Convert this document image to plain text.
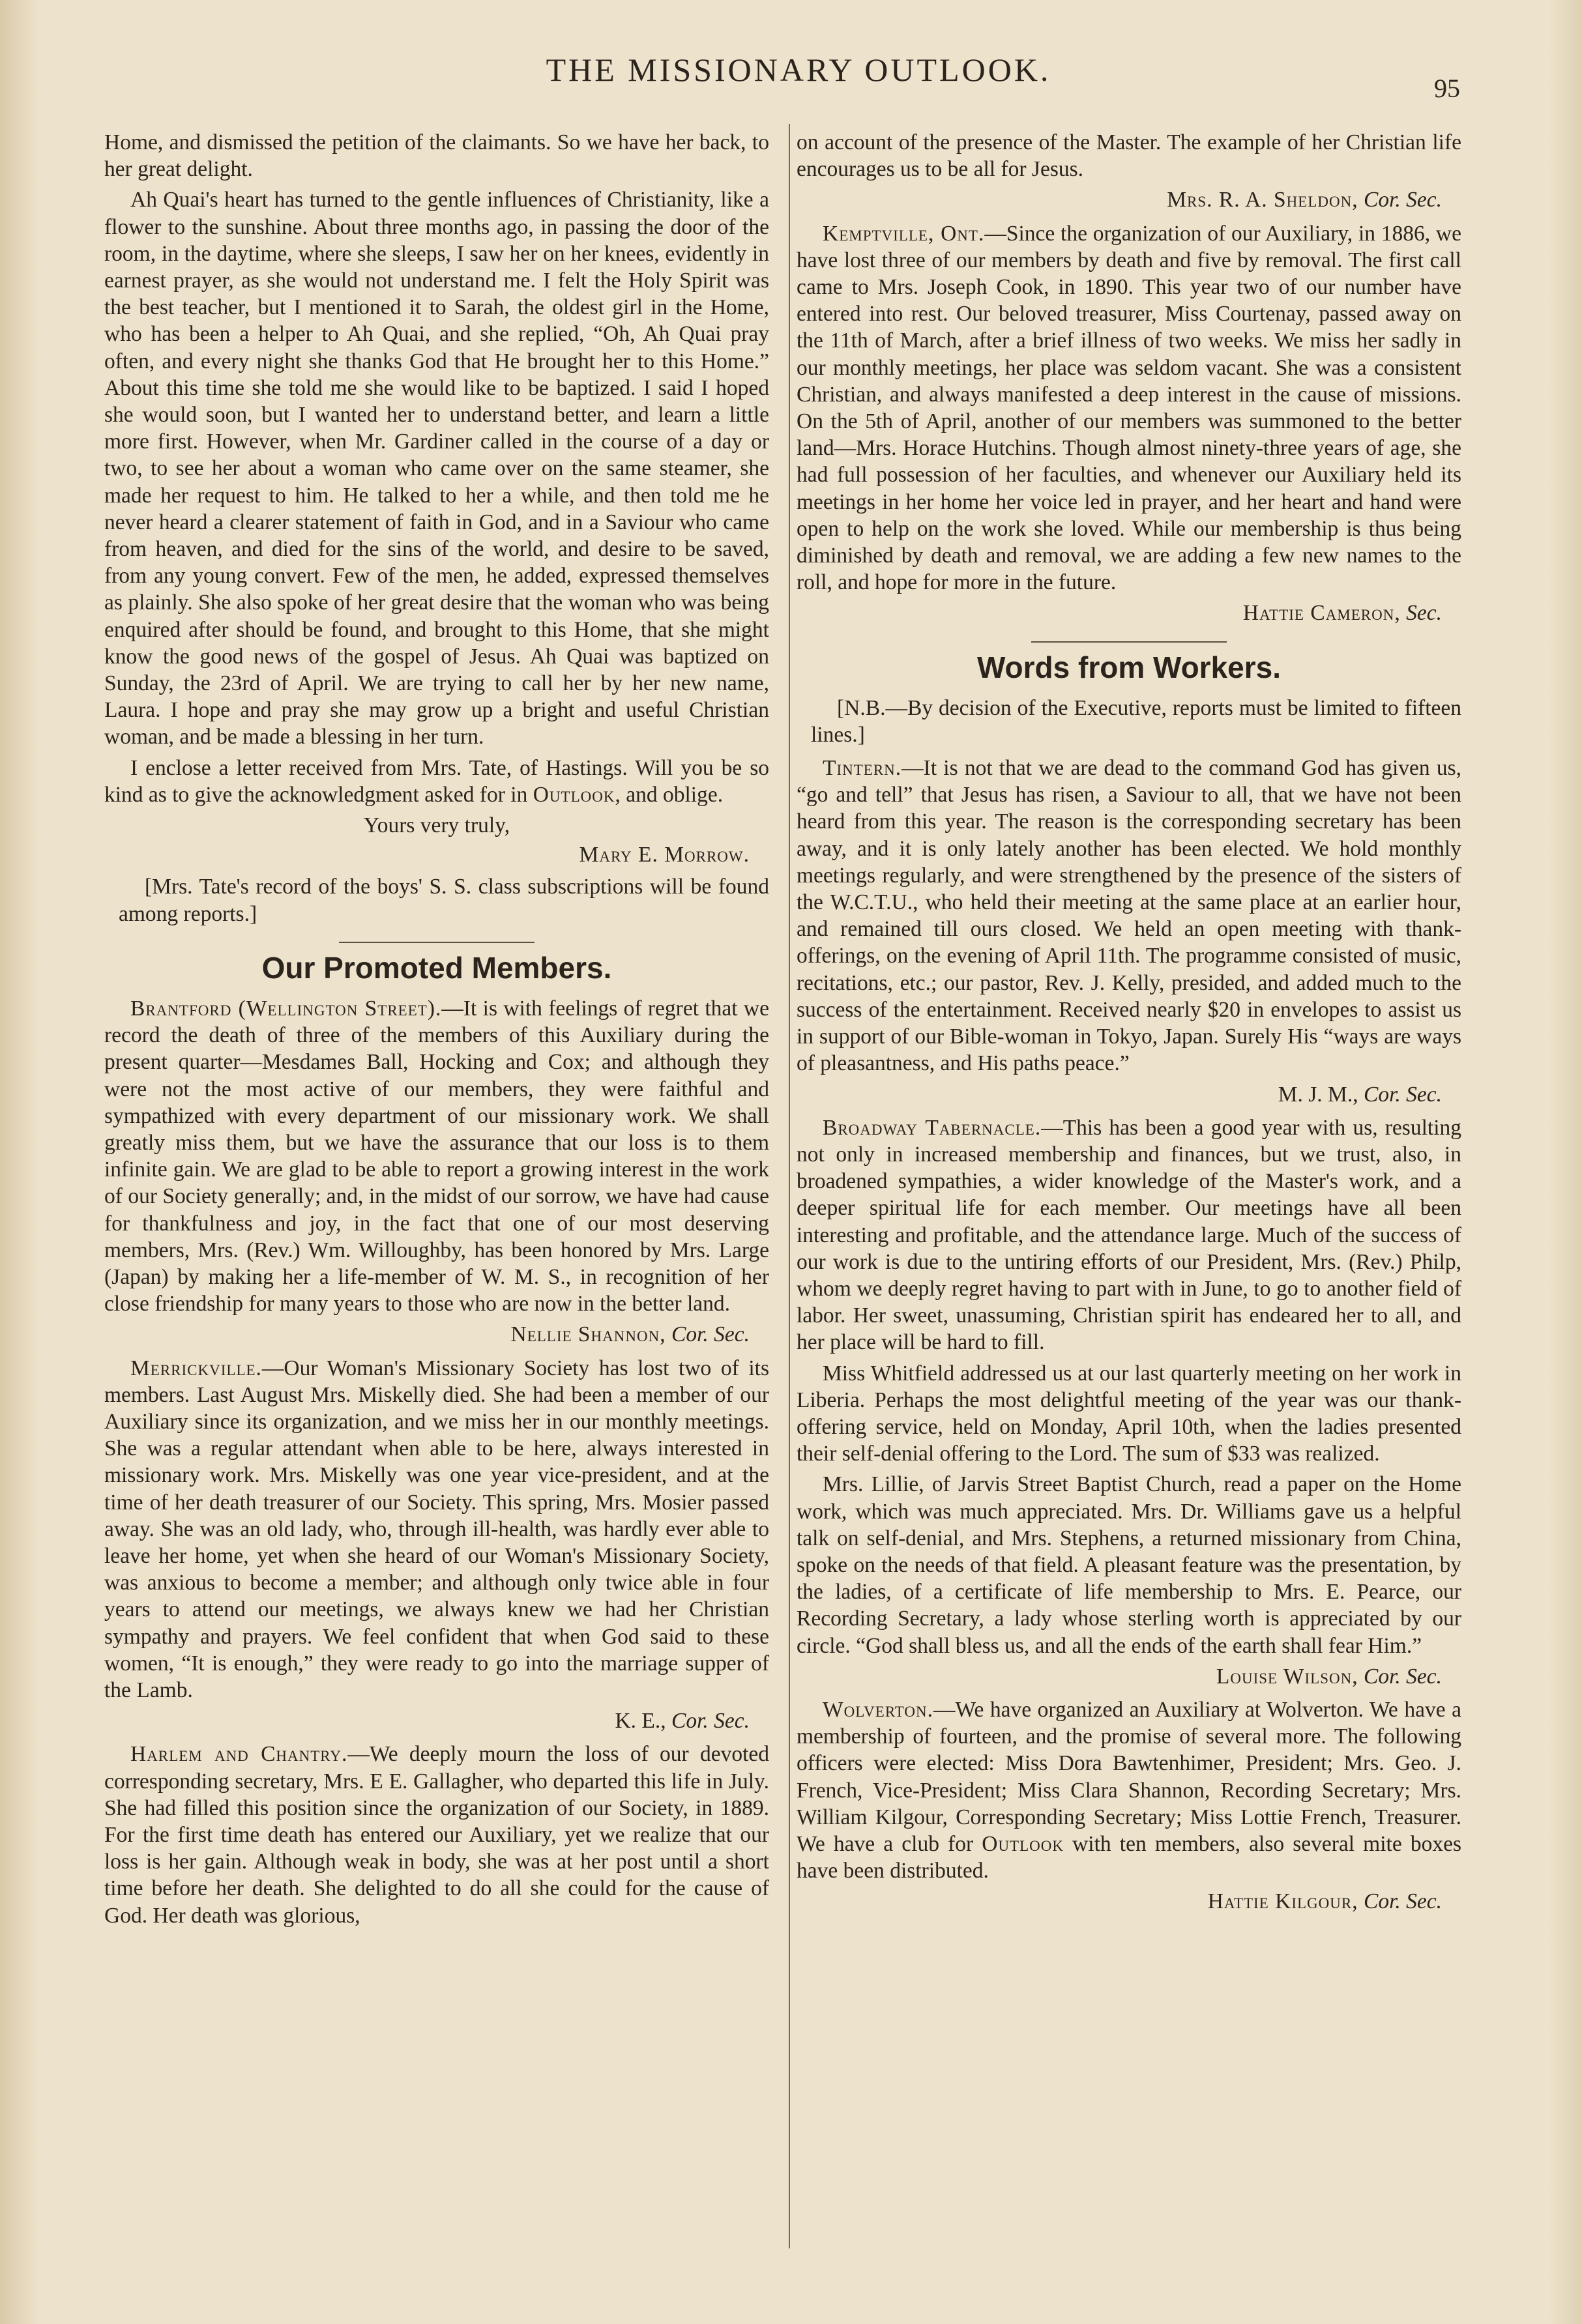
THE MISSIONARY OUTLOOK.
95

Home, and dismissed the petition of the claimants. So we have her back, to her great delight.

Ah Quai's heart has turned to the gentle influences of Christianity, like a flower to the sunshine. About three months ago, in passing the door of the room, in the daytime, where she sleeps, I saw her on her knees, evidently in earnest prayer, as she would not understand me. I felt the Holy Spirit was the best teacher, but I mentioned it to Sarah, the oldest girl in the Home, who has been a helper to Ah Quai, and she replied, “Oh, Ah Quai pray often, and every night she thanks God that He brought her to this Home.” About this time she told me she would like to be baptized. I said I hoped she would soon, but I wanted her to understand better, and learn a little more first. However, when Mr. Gardiner called in the course of a day or two, to see her about a woman who came over on the same steamer, she made her request to him. He talked to her a while, and then told me he never heard a clearer statement of faith in God, and in a Saviour who came from heaven, and died for the sins of the world, and desire to be saved, from any young convert. Few of the men, he added, expressed themselves as plainly. She also spoke of her great desire that the woman who was being enquired after should be found, and brought to this Home, that she might know the good news of the gospel of Jesus. Ah Quai was baptized on Sunday, the 23rd of April. We are trying to call her by her new name, Laura. I hope and pray she may grow up a bright and useful Christian woman, and be made a blessing in her turn.

I enclose a letter received from Mrs. Tate, of Hastings. Will you be so kind as to give the acknowledgment asked for in Outlook, and oblige.

Yours very truly,
Mary E. Morrow.

[Mrs. Tate's record of the boys' S. S. class subscriptions will be found among reports.]

Our Promoted Members.

Brantford (Wellington Street).—It is with feelings of regret that we record the death of three of the members of this Auxiliary during the present quarter—Mesdames Ball, Hocking and Cox; and although they were not the most active of our members, they were faithful and sympathized with every department of our missionary work. We shall greatly miss them, but we have the assurance that our loss is to them infinite gain. We are glad to be able to report a growing interest in the work of our Society generally; and, in the midst of our sorrow, we have had cause for thankfulness and joy, in the fact that one of our most deserving members, Mrs. (Rev.) Wm. Willoughby, has been honored by Mrs. Large (Japan) by making her a life-member of W. M. S., in recognition of her close friendship for many years to those who are now in the better land.

Nellie Shannon, Cor. Sec.

Merrickville.—Our Woman's Missionary Society has lost two of its members. Last August Mrs. Miskelly died. She had been a member of our Auxiliary since its organization, and we miss her in our monthly meetings. She was a regular attendant when able to be here, always interested in missionary work. Mrs. Miskelly was one year vice-president, and at the time of her death treasurer of our Society. This spring, Mrs. Mosier passed away. She was an old lady, who, through ill-health, was hardly ever able to leave her home, yet when she heard of our Woman's Missionary Society, was anxious to become a member; and although only twice able in four years to attend our meetings, we always knew we had her Christian sympathy and prayers. We feel confident that when God said to these women, “It is enough,” they were ready to go into the marriage supper of the Lamb.

K. E., Cor. Sec.

Harlem and Chantry.—We deeply mourn the loss of our devoted corresponding secretary, Mrs. E E. Gallagher, who departed this life in July. She had filled this position since the organization of our Society, in 1889. For the first time death has entered our Auxiliary, yet we realize that our loss is her gain. Although weak in body, she was at her post until a short time before her death. She delighted to do all she could for the cause of God. Her death was glorious,

on account of the presence of the Master. The example of her Christian life encourages us to be all for Jesus.

Mrs. R. A. Sheldon, Cor. Sec.

Kemptville, Ont.—Since the organization of our Auxiliary, in 1886, we have lost three of our members by death and five by removal. The first call came to Mrs. Joseph Cook, in 1890. This year two of our number have entered into rest. Our beloved treasurer, Miss Courtenay, passed away on the 11th of March, after a brief illness of two weeks. We miss her sadly in our monthly meetings, her place was seldom vacant. She was a consistent Christian, and always manifested a deep interest in the cause of missions. On the 5th of April, another of our members was summoned to the better land—Mrs. Horace Hutchins. Though almost ninety-three years of age, she had full possession of her faculties, and whenever our Auxiliary held its meetings in her home her voice led in prayer, and her heart and hand were open to help on the work she loved. While our membership is thus being diminished by death and removal, we are adding a few new names to the roll, and hope for more in the future.

Hattie Cameron, Sec.
Words from Workers.

[N.B.—By decision of the Executive, reports must be limited to fifteen lines.]

Tintern.—It is not that we are dead to the command God has given us, “go and tell” that Jesus has risen, a Saviour to all, that we have not been heard from this year. The reason is the corresponding secretary has been away, and it is only lately another has been elected. We hold monthly meetings regularly, and were strengthened by the presence of the sisters of the W.C.T.U., who held their meeting at the same place at an earlier hour, and remained till ours closed. We held an open meeting with thank-offerings, on the evening of April 11th. The programme consisted of music, recitations, etc.; our pastor, Rev. J. Kelly, presided, and added much to the success of the entertainment. Received nearly $20 in envelopes to assist us in support of our Bible-woman in Tokyo, Japan. Surely His “ways are ways of pleasantness, and His paths peace.”

M. J. M., Cor. Sec.

Broadway Tabernacle.—This has been a good year with us, resulting not only in increased membership and finances, but we trust, also, in broadened sympathies, a wider knowledge of the Master's work, and a deeper spiritual life for each member. Our meetings have all been interesting and profitable, and the attendance large. Much of the success of our work is due to the untiring efforts of our President, Mrs. (Rev.) Philp, whom we deeply regret having to part with in June, to go to another field of labor. Her sweet, unassuming, Christian spirit has endeared her to all, and her place will be hard to fill.

Miss Whitfield addressed us at our last quarterly meeting on her work in Liberia. Perhaps the most delightful meeting of the year was our thank-offering service, held on Monday, April 10th, when the ladies presented their self-denial offering to the Lord. The sum of $33 was realized.

Mrs. Lillie, of Jarvis Street Baptist Church, read a paper on the Home work, which was much appreciated. Mrs. Dr. Williams gave us a helpful talk on self-denial, and Mrs. Stephens, a returned missionary from China, spoke on the needs of that field. A pleasant feature was the presentation, by the ladies, of a certificate of life membership to Mrs. E. Pearce, our Recording Secretary, a lady whose sterling worth is appreciated by our circle. “God shall bless us, and all the ends of the earth shall fear Him.”

Louise Wilson, Cor. Sec.

Wolverton.—We have organized an Auxiliary at Wolverton. We have a membership of fourteen, and the promise of several more. The following officers were elected: Miss Dora Bawtenhimer, President; Mrs. Geo. J. French, Vice-President; Miss Clara Shannon, Recording Secretary; Mrs. William Kilgour, Corresponding Secretary; Miss Lottie French, Treasurer. We have a club for Outlook with ten members, also several mite boxes have been distributed.

Hattie Kilgour, Cor. Sec.
